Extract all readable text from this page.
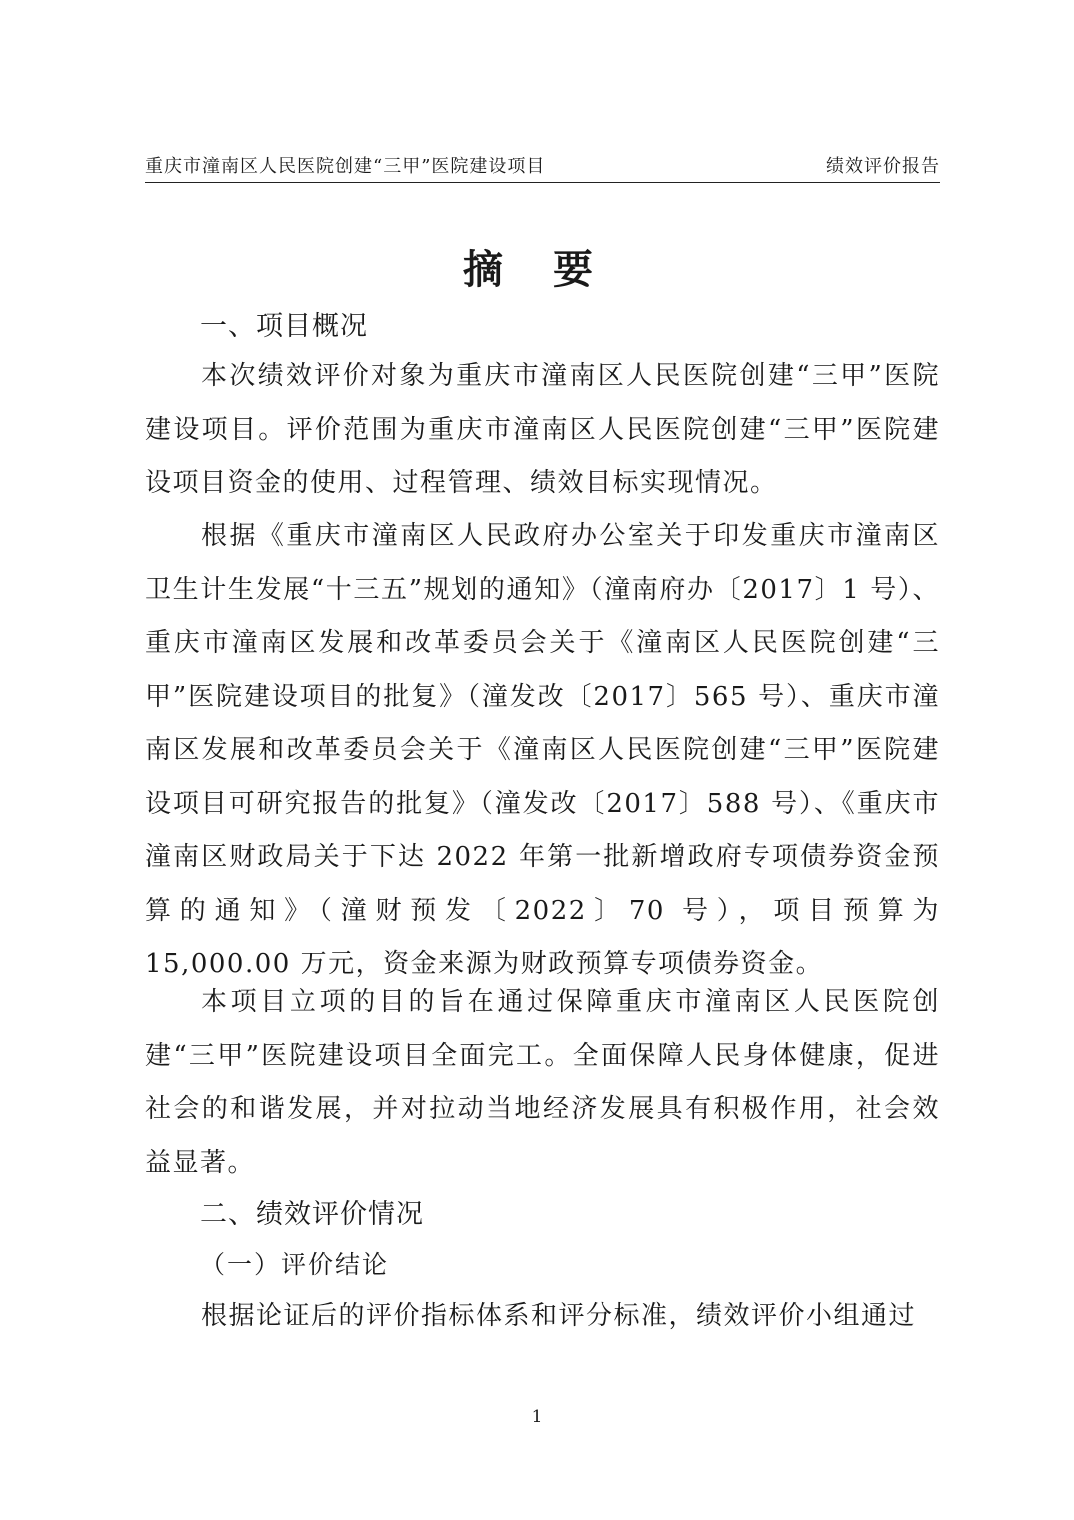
重庆市潼南区人民医院创建“三甲”医院建设项目	绩效评价报告
摘 要
一、项目概况
本次绩效评价对象为重庆市潼南区人民医院创建“三甲”医院建设项目。评价范围为重庆市潼南区人民医院创建“三甲”医院建设项目资金的使用、过程管理、绩效目标实现情况。
根据《重庆市潼南区人民政府办公室关于印发重庆市潼南区卫生计生发展“十三五”规划的通知》（潼南府办〔2017〕1 号）、重庆市潼南区发展和改革委员会关于《潼南区人民医院创建“三甲”医院建设项目的批复》（潼发改〔2017〕565 号）、重庆市潼南区发展和改革委员会关于《潼南区人民医院创建“三甲”医院建设项目可研究报告的批复》（潼发改〔2017〕588 号）、《重庆市潼南区财政局关于下达 2022 年第一批新增政府专项债券资金预算的通知》（潼财预发〔2022〕70 号），项目预算为 15,000.00 万元，资金来源为财政预算专项债券资金。
本项目立项的目的旨在通过保障重庆市潼南区人民医院创建“三甲”医院建设项目全面完工。全面保障人民身体健康，促进社会的和谐发展，并对拉动当地经济发展具有积极作用，社会效益显著。
二、绩效评价情况
（一）评价结论
根据论证后的评价指标体系和评分标准，绩效评价小组通过
1
